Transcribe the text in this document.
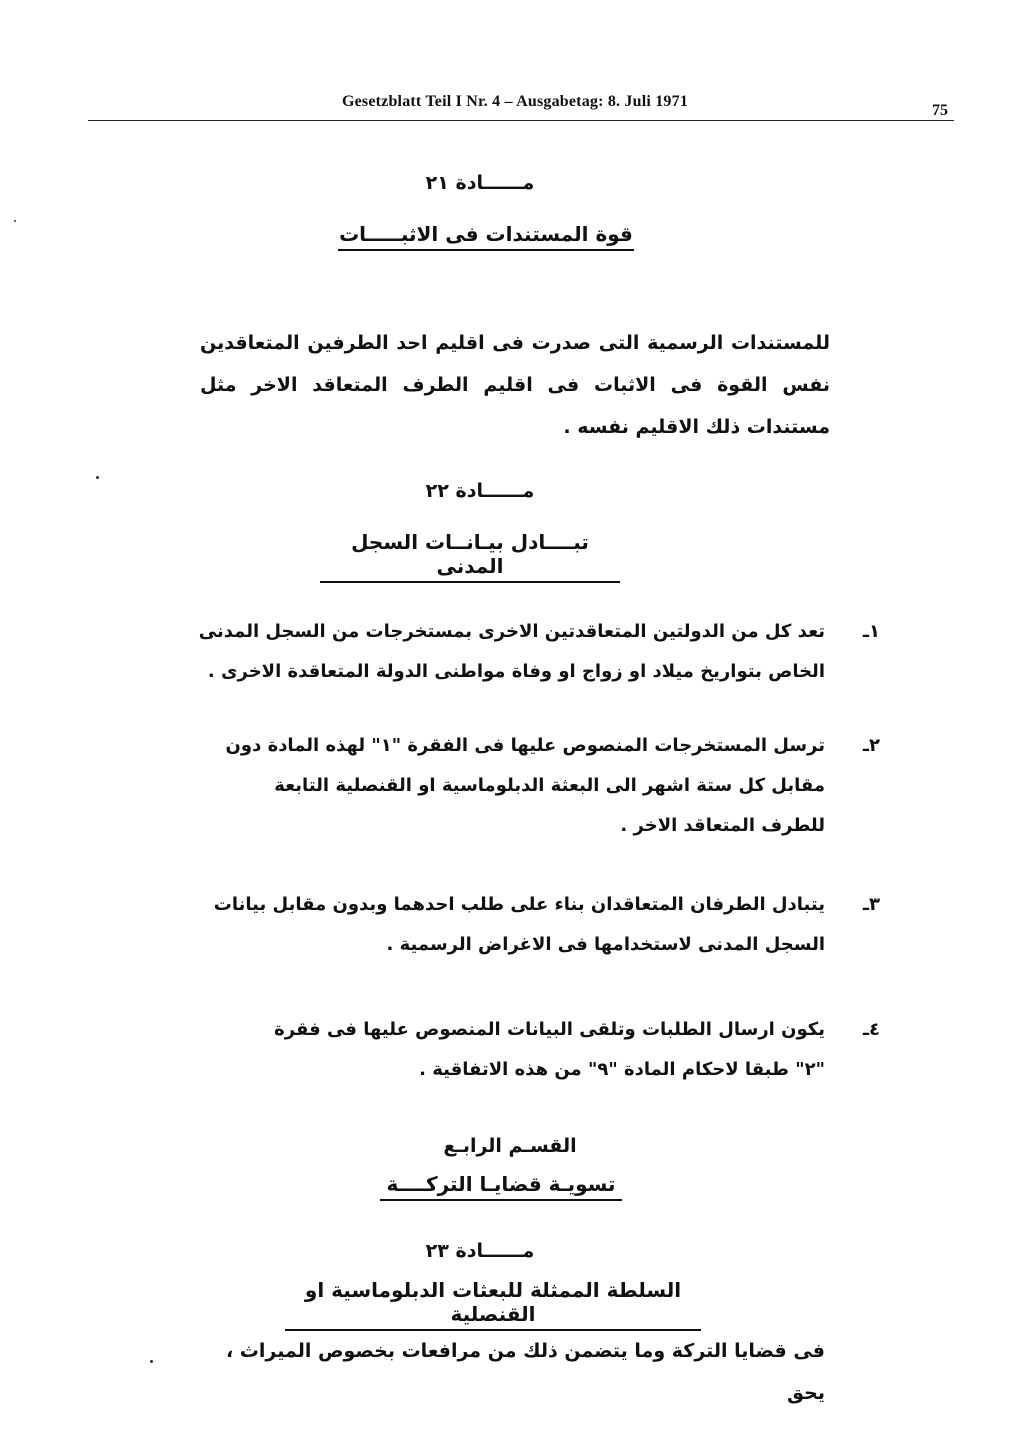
Gesetzblatt Teil I Nr. 4 – Ausgabetag: 8. Juli 1971
75
مــــــادة ٢١
قوة المستندات فى الاثبـــــات
للمستندات الرسمية التى صدرت فى اقليم احد الطرفين المتعاقدين نفس القوة فى الاثبات فى اقليم الطرف المتعاقد الاخر مثل مستندات ذلك الاقليم نفسه .
مــــــادة ٢٢
تبــــادل بيـانــات السجل المدنى
١ـ
تعد كل من الدولتين المتعاقدتين الاخرى بمستخرجات من السجل المدنى الخاص بتواريخ ميلاد او زواج او وفاة مواطنى الدولة المتعاقدة الاخرى .
٢ـ
ترسل المستخرجات المنصوص عليها فى الفقرة "١" لهذه المادة دون مقابل كل ستة اشهر الى البعثة الدبلوماسية او القنصلية التابعة للطرف المتعاقد الاخر .
٣ـ
يتبادل الطرفان المتعاقدان بناء على طلب احدهما وبدون مقابل بيانات السجل المدنى لاستخدامها فى الاغراض الرسمية .
٤ـ
يكون ارسال الطلبات وتلقى البيانات المنصوص عليها فى فقرة "٢" طبقا لاحكام المادة "٩" من هذه الاتفاقية .
القسـم الرابـع
تسويـة قضايـا التركــــة
مــــــادة ٢٣
السلطة الممثلة للبعثات الدبلوماسية او القنصلية
فى قضايا التركة وما يتضمن ذلك من مرافعات بخصوص الميراث ، يحق
